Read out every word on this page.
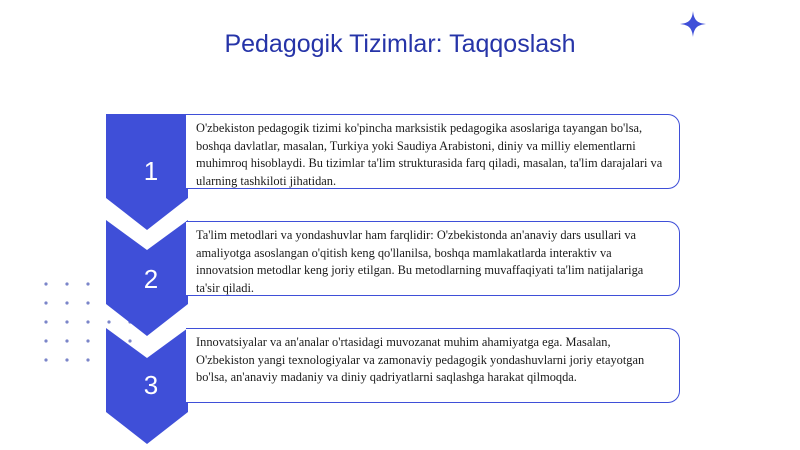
Pedagogik Tizimlar: Taqqoslash
1

O'zbekiston pedagogik tizimi ko'pincha marksistik pedagogika asoslariga tayangan bo'lsa, boshqa davlatlar, masalan, Turkiya yoki Saudiya Arabistoni, diniy va milliy elementlarni muhimroq hisoblaydi. Bu tizimlar ta'lim strukturasida farq qiladi, masalan, ta'lim darajalari va ularning tashkiloti jihatidan.

2

Ta'lim metodlari va yondashuvlar ham farqlidir: O'zbekistonda an'anaviy dars usullari va amaliyotga asoslangan o'qitish keng qo'llanilsa, boshqa mamlakatlarda interaktiv va innovatsion metodlar keng joriy etilgan. Bu metodlarning muvaffaqiyati ta'lim natijalariga ta'sir qiladi.

3

Innovatsiyalar va an'analar o'rtasidagi muvozanat muhim ahamiyatga ega. Masalan, O'zbekiston yangi texnologiyalar va zamonaviy pedagogik yondashuvlarni joriy etayotgan bo'lsa, an'anaviy madaniy va diniy qadriyatlarni saqlashga harakat qilmoqda.
